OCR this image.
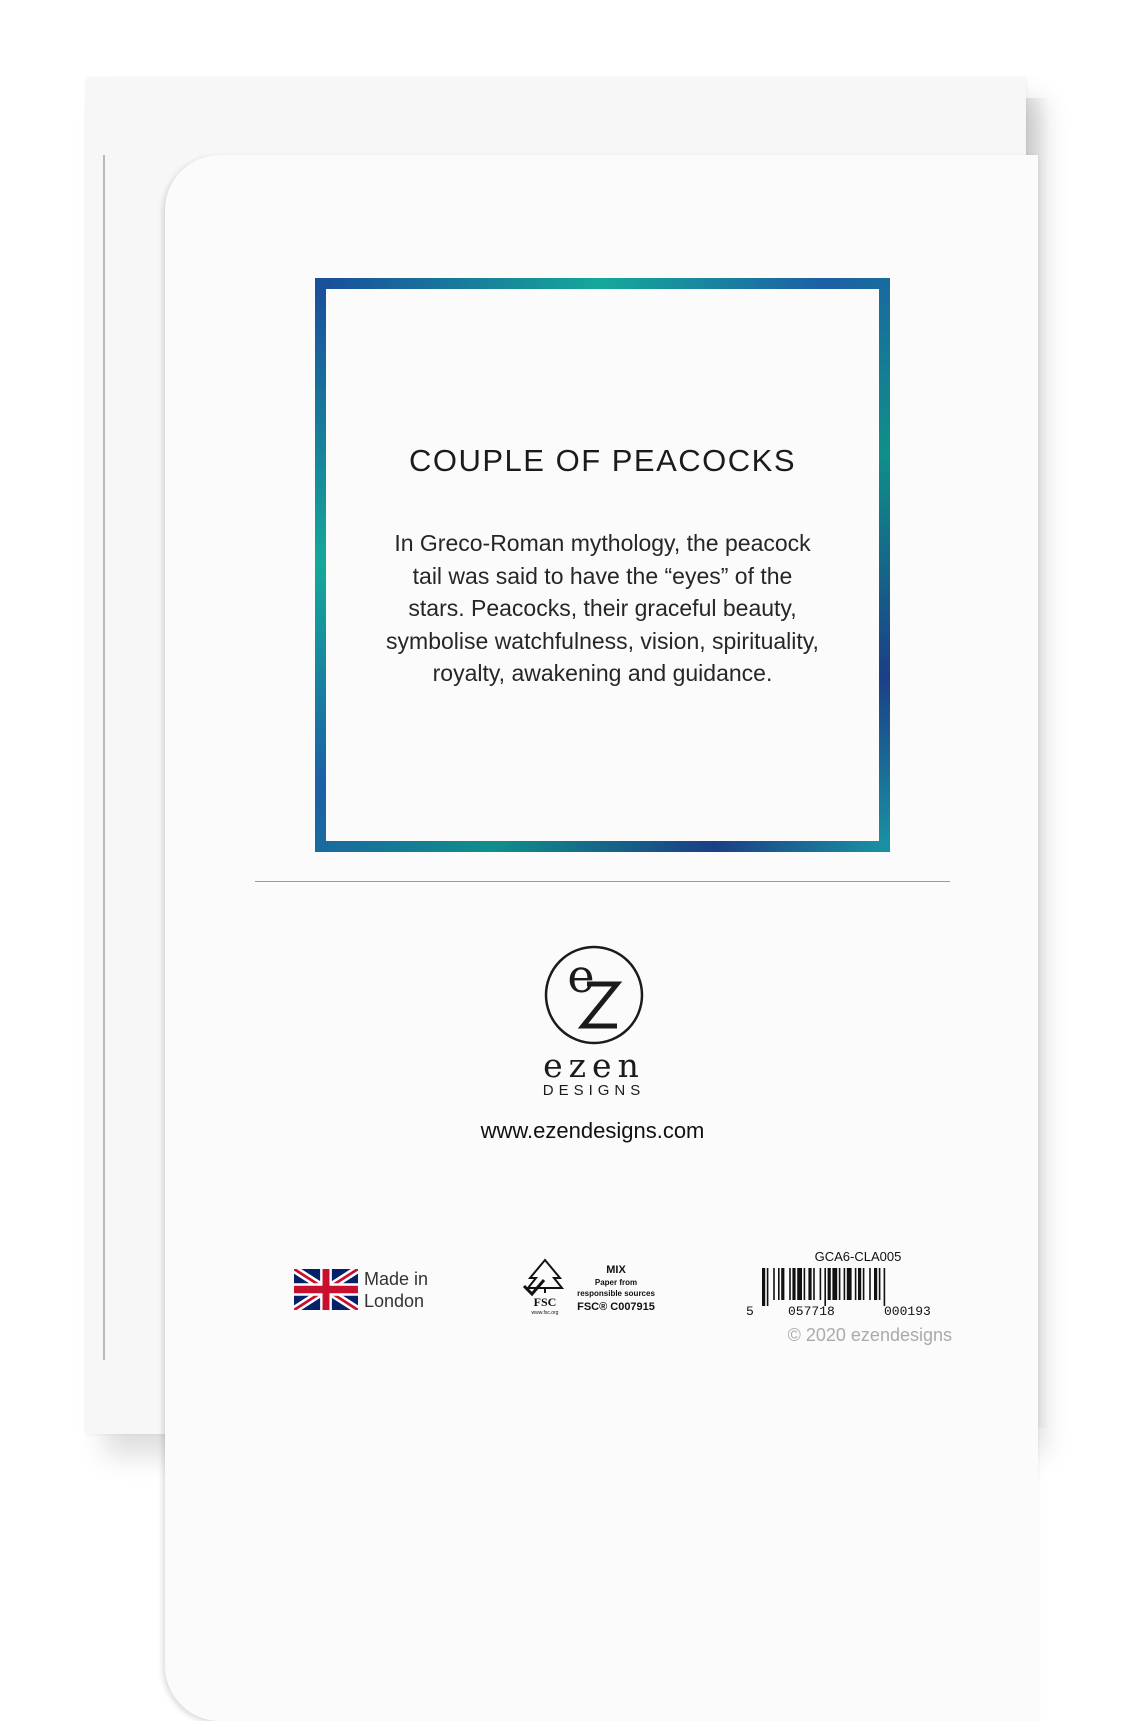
COUPLE OF PEACOCKS
In Greco-Roman mythology, the peacock
tail was said to have the “eyes” of the
stars. Peacocks, their graceful beauty,
symbolise watchfulness, vision, spirituality,
royalty, awakening and guidance.
e
ezen
DESIGNS
www.ezendesigns.com
Made in
London	FSC
www.fsc.org
MIX
Paper from
responsible sources
FSC® C007915
GCA6-CLA005
5	057718	000193
© 2020 ezendesigns
